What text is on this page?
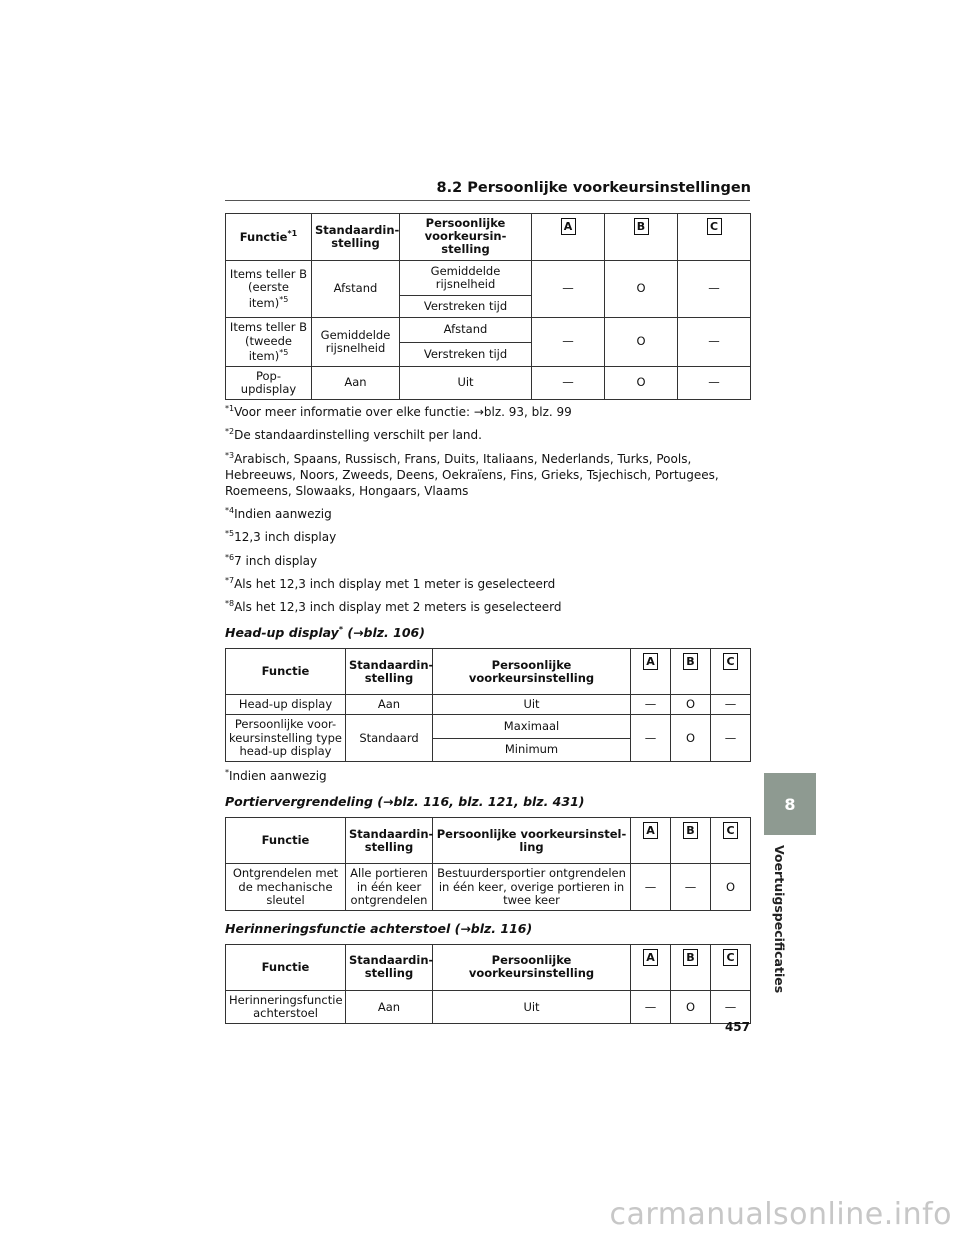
8.2 Persoonlijke voorkeursinstellingen
Functie$^{*1}$	Standaardin-stelling	Persoonlijke voorkeursin-stelling	A	B	C
Items teller B (eerste item)$^{*5}$	Afstand	Gemiddelde rijsnelheid	—	O	—
		Verstreken tijd			
Items teller B (tweede item)$^{*5}$	Gemiddelde rijsnelheid	Afstand	—	O	—
		Verstreken tijd			
Pop-updisplay	Aan	Uit	—	O	—

$^{*1}$Voor meer informatie over elke functie: →blz. 93, blz. 99

$^{*2}$De standaardinstelling verschilt per land.

$^{*3}$Arabisch, Spaans, Russisch, Frans, Duits, Italiaans, Nederlands, Turks, Pools, Hebreeuws, Noors, Zweeds, Deens, Oekraïens, Fins, Grieks, Tsjechisch, Portugees, Roemeens, Slowaaks, Hongaars, Vlaams

$^{*4}$Indien aanwezig

$^{*5}$12,3 inch display

$^{*6}$7 inch display

$^{*7}$Als het 12,3 inch display met 1 meter is geselecteerd

$^{*8}$Als het 12,3 inch display met 2 meters is geselecteerd

Head-up display* (→blz. 106)
Functie	Standaardin-stelling	Persoonlijke voorkeursinstelling	A	B	C
Head-up display	Aan	Uit	—	O	—
Persoonlijke voor-keursinstelling type head-up display	Standaard	Maximaal	—	O	—
		Minimum			
*Indien aanwezig
Portiervergrendeling (→blz. 116, blz. 121, blz. 431)
Functie	Standaardin-stelling	Persoonlijke voorkeursinstel-ling	A	B	C
Ontgrendelen met de mechanische sleutel	Alle portieren in één keer ontgrendelen	Bestuurdersportier ontgrendelen in één keer, overige portieren in twee keer	—	—	O
Herinneringsfunctie achterstoel (→blz. 116)
Functie	Standaardin-stelling	Persoonlijke voorkeursinstelling	A	B	C
Herinneringsfunctie achterstoel	Aan	Uit	—	O	—
8
Voertuigspecificaties
457
carmanualsonline.info
